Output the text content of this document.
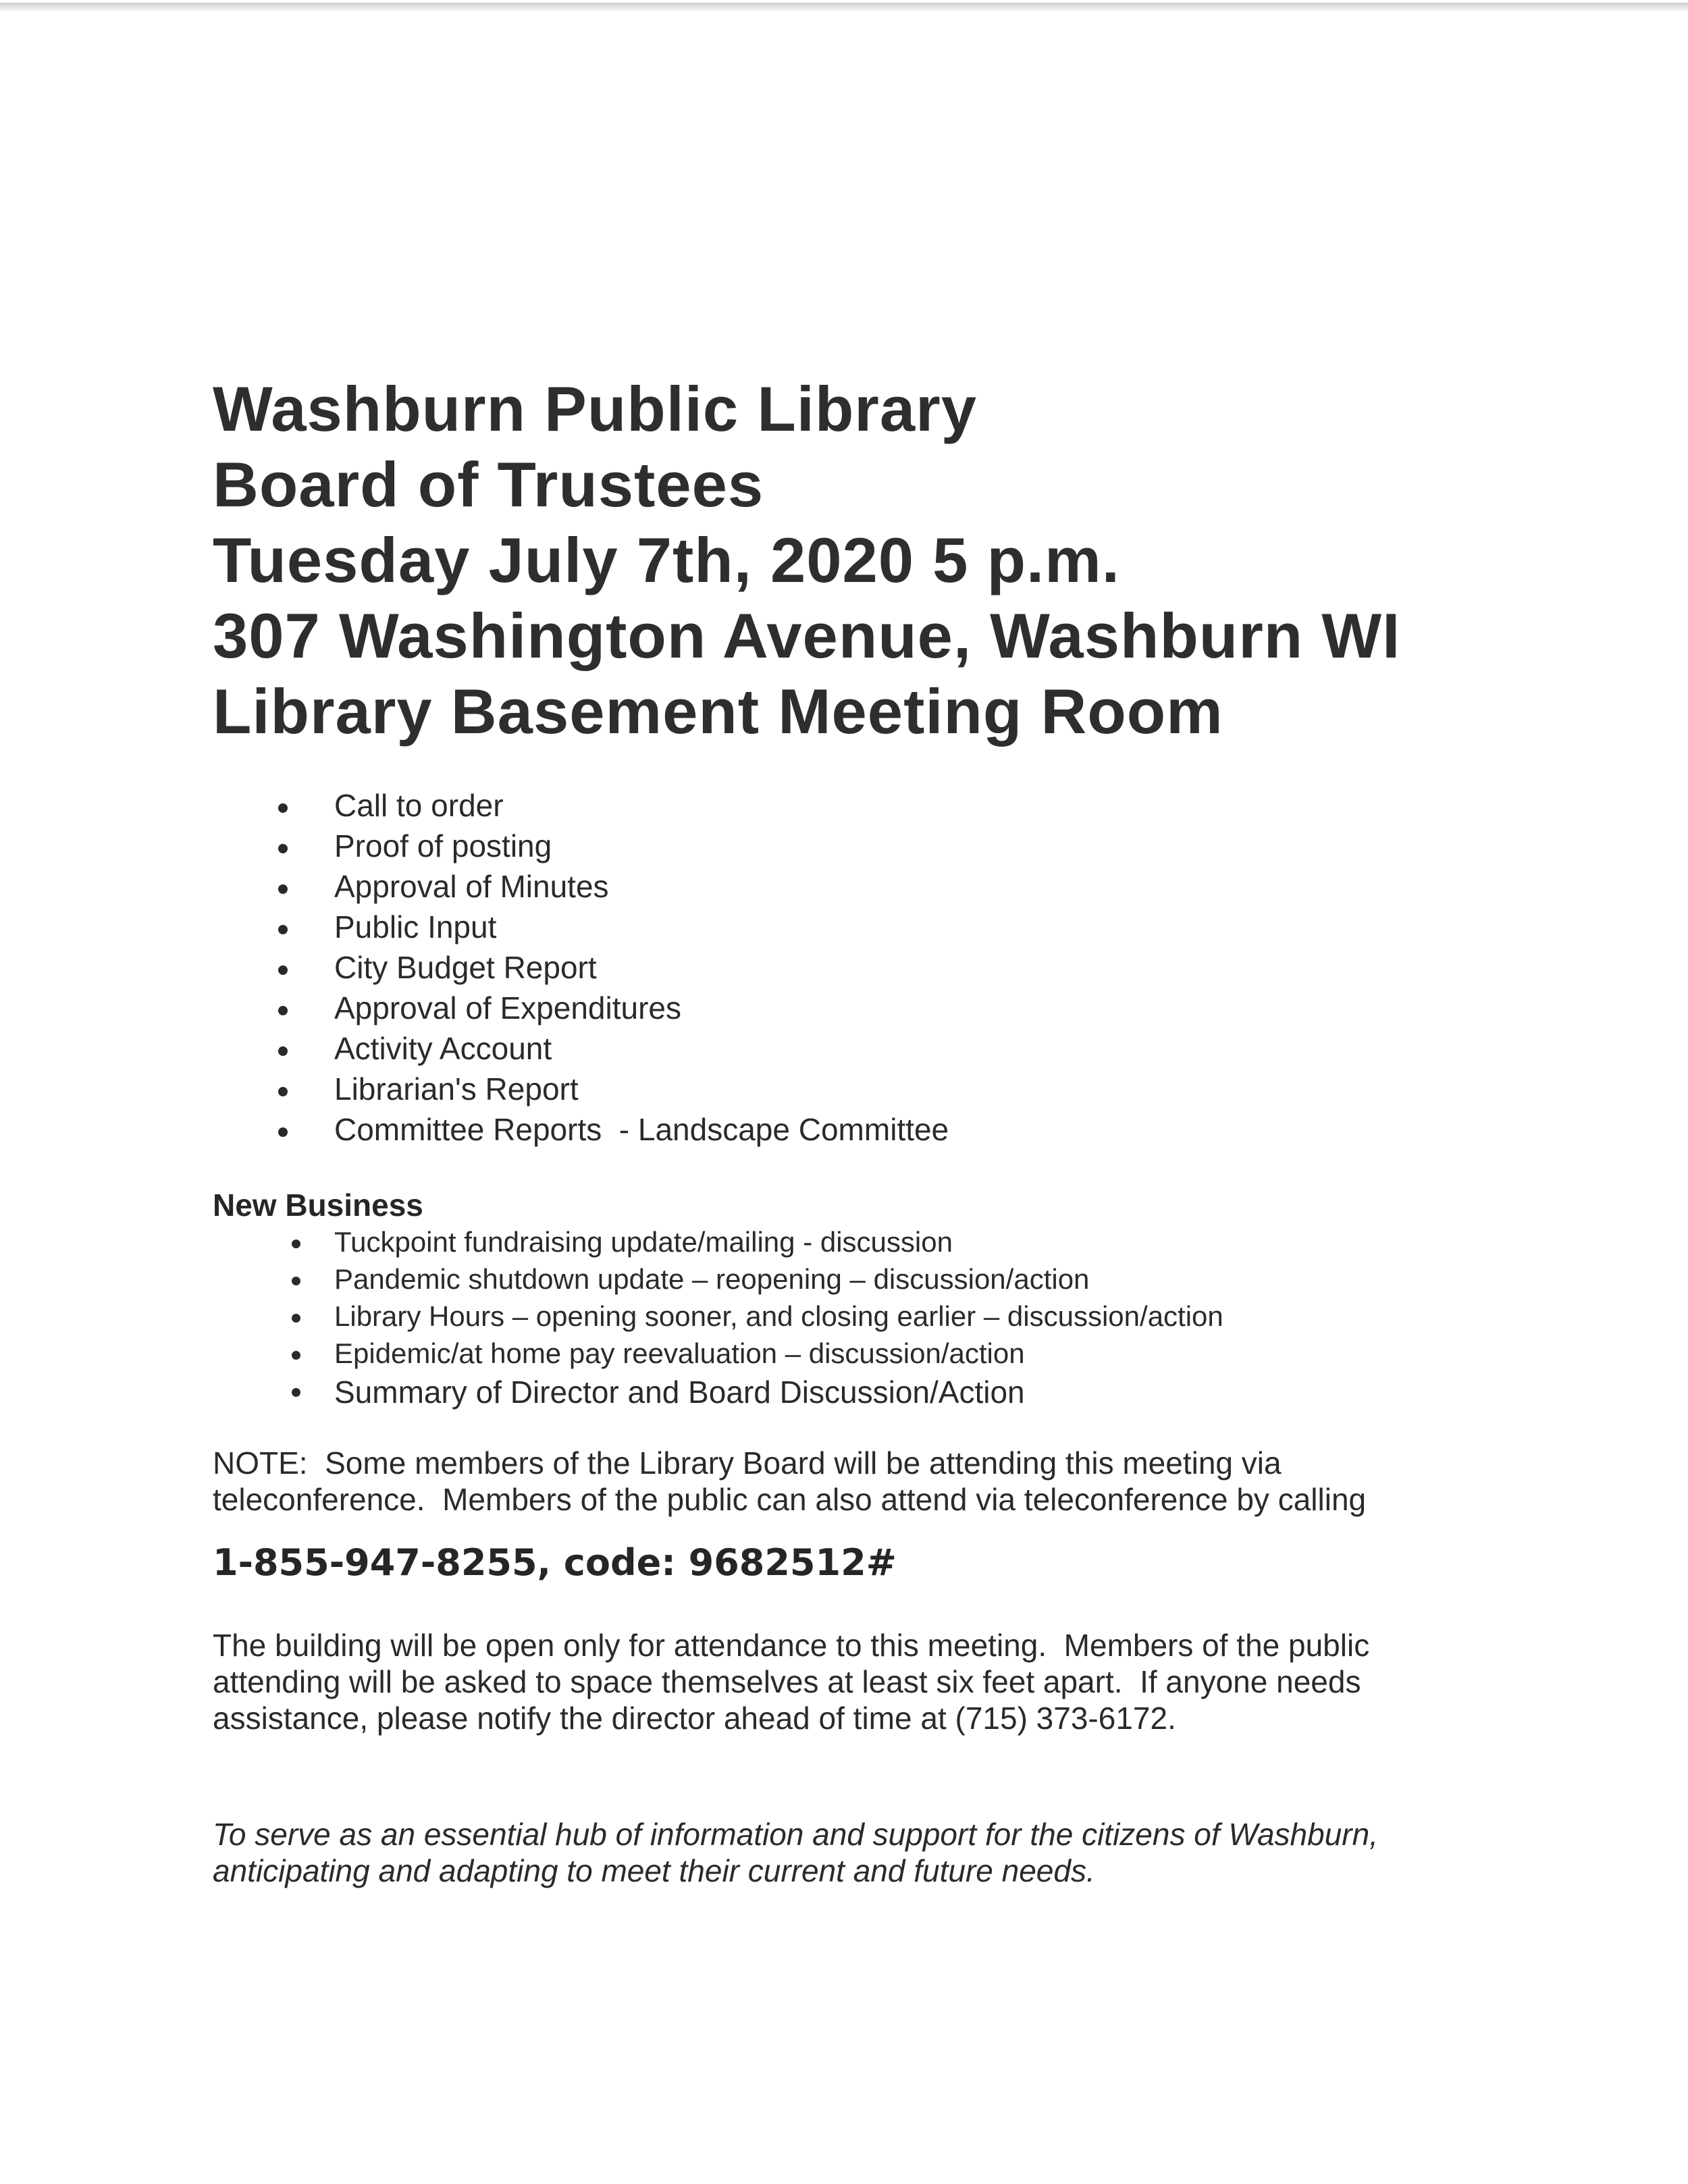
Washburn Public Library
Board of Trustees
Tuesday July 7th, 2020 5 p.m.
307 Washington Avenue, Washburn WI
Library Basement Meeting Room
Call to order
Proof of posting
Approval of Minutes
Public Input
City Budget Report
Approval of Expenditures
Activity Account
Librarian's Report
Committee Reports  - Landscape Committee
New Business
Tuckpoint fundraising update/mailing - discussion
Pandemic shutdown update – reopening – discussion/action
Library Hours – opening sooner, and closing earlier – discussion/action
Epidemic/at home pay reevaluation – discussion/action
Summary of Director and Board Discussion/Action
NOTE:  Some members of the Library Board will be attending this meeting via
teleconference.  Members of the public can also attend via teleconference by calling
1-855-947-8255, code: 9682512#
The building will be open only for attendance to this meeting.  Members of the public
attending will be asked to space themselves at least six feet apart.  If anyone needs
assistance, please notify the director ahead of time at (715) 373-6172.
To serve as an essential hub of information and support for the citizens of Washburn,
anticipating and adapting to meet their current and future needs.
